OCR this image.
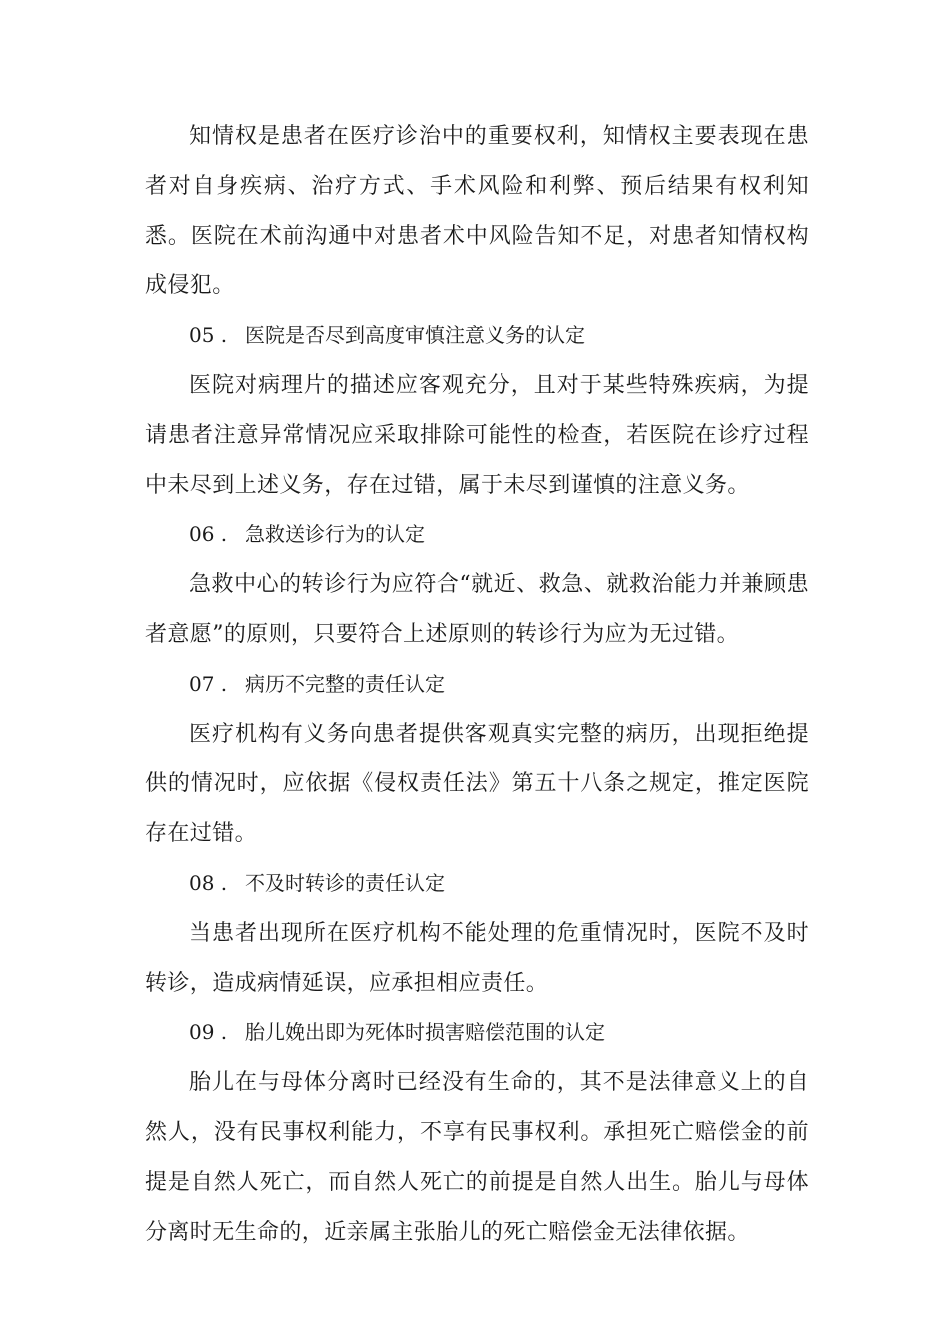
知情权是患者在医疗诊治中的重要权利，知情权主要表现在患者对自身疾病、治疗方式、手术风险和利弊、预后结果有权利知悉。医院在术前沟通中对患者术中风险告知不足，对患者知情权构成侵犯。

05 . 医院是否尽到高度审慎注意义务的认定

医院对病理片的描述应客观充分，且对于某些特殊疾病，为提请患者注意异常情况应采取排除可能性的检查，若医院在诊疗过程中未尽到上述义务，存在过错，属于未尽到谨慎的注意义务。

06 . 急救送诊行为的认定

急救中心的转诊行为应符合“就近、救急、就救治能力并兼顾患者意愿”的原则，只要符合上述原则的转诊行为应为无过错。

07 . 病历不完整的责任认定

医疗机构有义务向患者提供客观真实完整的病历，出现拒绝提供的情况时，应依据《侵权责任法》第五十八条之规定，推定医院存在过错。

08 . 不及时转诊的责任认定

当患者出现所在医疗机构不能处理的危重情况时，医院不及时转诊，造成病情延误，应承担相应责任。

09 . 胎儿娩出即为死体时损害赔偿范围的认定

胎儿在与母体分离时已经没有生命的，其不是法律意义上的自然人，没有民事权利能力，不享有民事权利。承担死亡赔偿金的前提是自然人死亡，而自然人死亡的前提是自然人出生。胎儿与母体分离时无生命的，近亲属主张胎儿的死亡赔偿金无法律依据。
